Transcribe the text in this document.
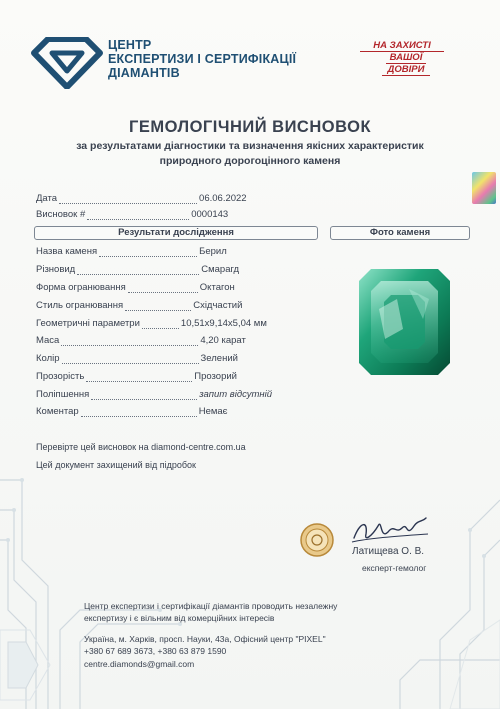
ЦЕНТР
ЕКСПЕРТИЗИ І СЕРТИФІКАЦІЇ
ДІАМАНТІВ
НА ЗАХИСТІ
ВАШОЇ
ДОВІРИ
ГЕМОЛОГІЧНИЙ ВИСНОВОК
за результатами діагностики та визначення якісних характеристик
природного дорогоцінного каменя
Дата	06.06.2022
Висновок #	0000143
Результати дослідження	Фото каменя
Назва каменя	Берил
Різновид	Смарагд
Форма огранювання	Октагон
Стиль огранювання	Східчастий
Геометричні параметри	10,51x9,14x5,04 мм
Маса	4,20 карат
Колір	Зелений
Прозорість	Прозорий
Поліпшення	запит відсутній
Коментар	Немає
Перевірте цей висновок на diamond-centre.com.ua
Цей документ захищений від підробок
Латищева О. В.
експерт-гемолог
Центр експертизи і сертифікації діамантів проводить незалежну
експертизу і є вільним від комерційних інтересів
Україна, м. Харків, просп. Науки, 43а, Офісний центр "PIXEL"
+380 67 689 3673, +380 63 879 1590
centre.diamonds@gmail.com
